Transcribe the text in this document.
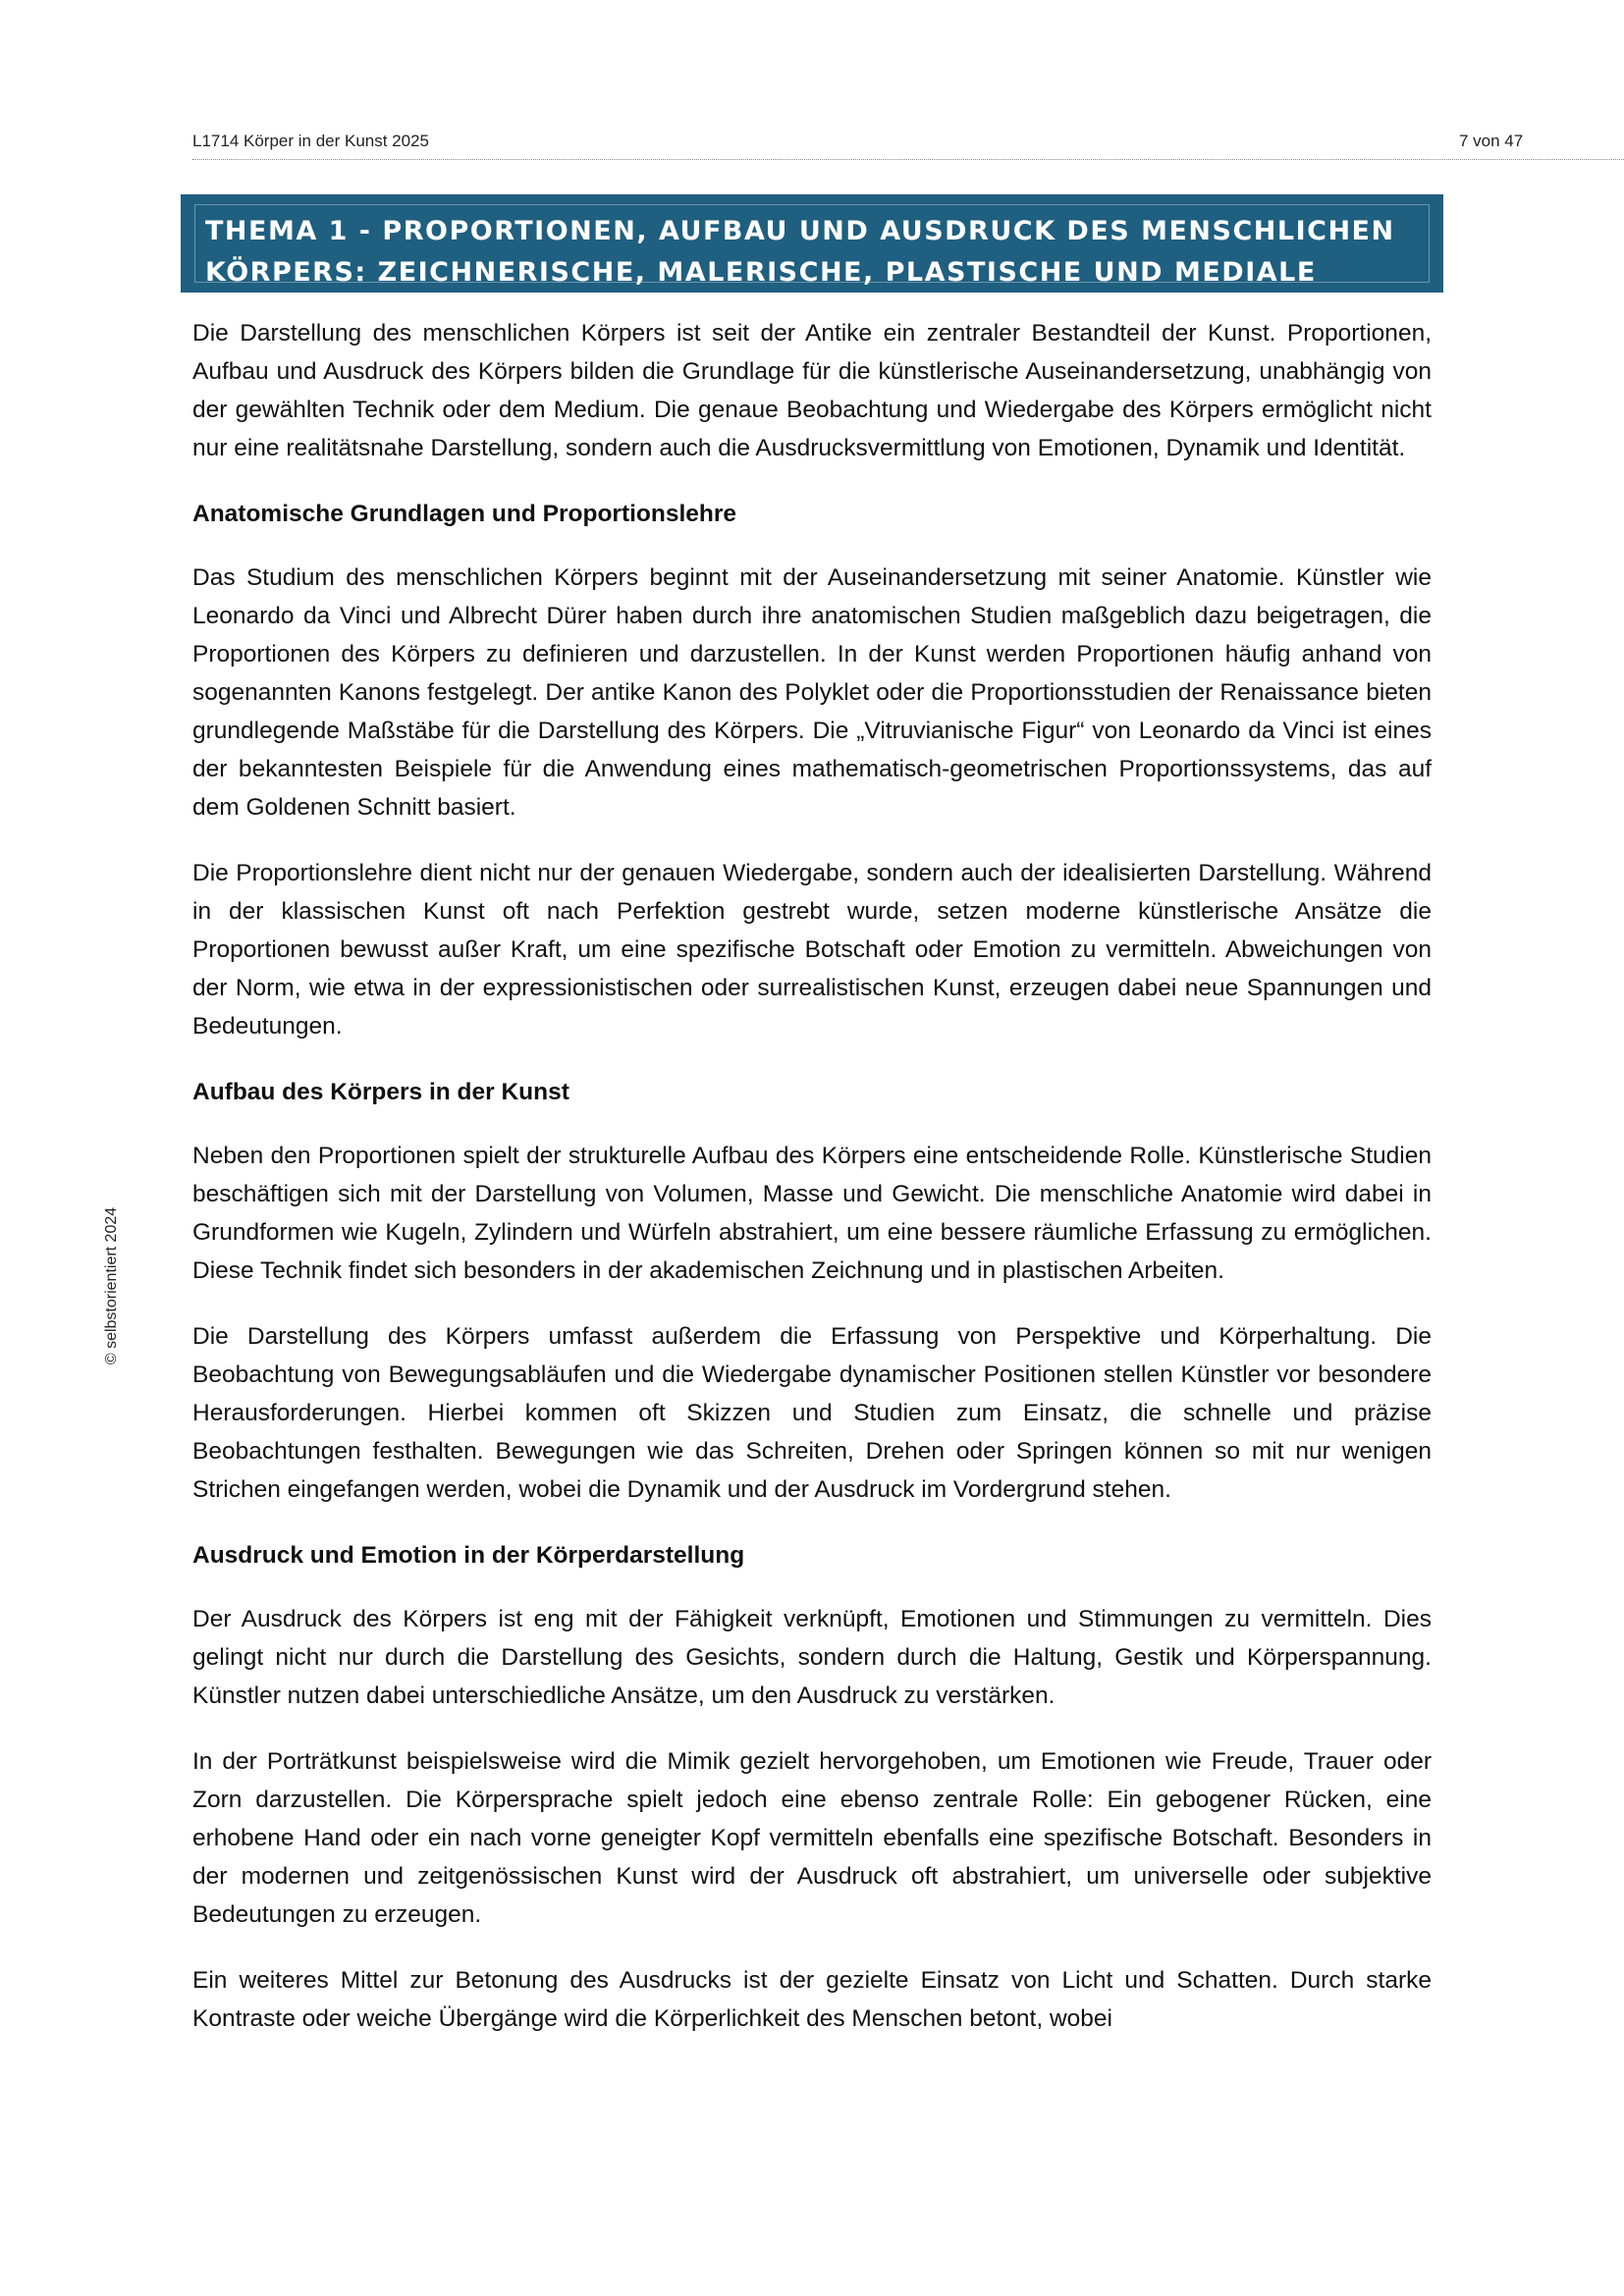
L1714 Körper in der Kunst 2025	7 von 47
© selbstorientiert 2024
THEMA 1 - PROPORTIONEN, AUFBAU UND AUSDRUCK DES MENSCHLICHEN
KÖRPERS: ZEICHNERISCHE, MALERISCHE, PLASTISCHE UND MEDIALE STUDIEN

Die Darstellung des menschlichen Körpers ist seit der Antike ein zentraler Bestandteil der Kunst. Proportionen, Aufbau und Ausdruck des Körpers bilden die Grundlage für die künstlerische Auseinandersetzung, unabhängig von der gewählten Technik oder dem Medium. Die genaue Beobachtung und Wiedergabe des Körpers ermöglicht nicht nur eine realitätsnahe Darstellung, sondern auch die Ausdrucksvermittlung von Emotionen, Dynamik und Identität.

Anatomische Grundlagen und Proportionslehre

Das Studium des menschlichen Körpers beginnt mit der Auseinandersetzung mit seiner Anatomie. Künstler wie Leonardo da Vinci und Albrecht Dürer haben durch ihre anatomischen Studien maßgeblich dazu beigetragen, die Proportionen des Körpers zu definieren und darzustellen. In der Kunst werden Proportionen häufig anhand von sogenannten Kanons festgelegt. Der antike Kanon des Polyklet oder die Proportionsstudien der Renaissance bieten grundlegende Maßstäbe für die Darstellung des Körpers. Die „Vitruvianische Figur“ von Leonardo da Vinci ist eines der bekanntesten Beispiele für die Anwendung eines mathematisch-geometrischen Proportionssystems, das auf dem Goldenen Schnitt basiert.

Die Proportionslehre dient nicht nur der genauen Wiedergabe, sondern auch der idealisierten Darstellung. Während in der klassischen Kunst oft nach Perfektion gestrebt wurde, setzen moderne künstlerische Ansätze die Proportionen bewusst außer Kraft, um eine spezifische Botschaft oder Emotion zu vermitteln. Abweichungen von der Norm, wie etwa in der expressionistischen oder surrealistischen Kunst, erzeugen dabei neue Spannungen und Bedeutungen.

Aufbau des Körpers in der Kunst

Neben den Proportionen spielt der strukturelle Aufbau des Körpers eine entscheidende Rolle. Künstlerische Studien beschäftigen sich mit der Darstellung von Volumen, Masse und Gewicht. Die menschliche Anatomie wird dabei in Grundformen wie Kugeln, Zylindern und Würfeln abstrahiert, um eine bessere räumliche Erfassung zu ermöglichen. Diese Technik findet sich besonders in der akademischen Zeichnung und in plastischen Arbeiten.

Die Darstellung des Körpers umfasst außerdem die Erfassung von Perspektive und Körperhaltung. Die Beobachtung von Bewegungsabläufen und die Wiedergabe dynamischer Positionen stellen Künstler vor besondere Herausforderungen. Hierbei kommen oft Skizzen und Studien zum Einsatz, die schnelle und präzise Beobachtungen festhalten. Bewegungen wie das Schreiten, Drehen oder Springen können so mit nur wenigen Strichen eingefangen werden, wobei die Dynamik und der Ausdruck im Vordergrund stehen.

Ausdruck und Emotion in der Körperdarstellung

Der Ausdruck des Körpers ist eng mit der Fähigkeit verknüpft, Emotionen und Stimmungen zu vermitteln. Dies gelingt nicht nur durch die Darstellung des Gesichts, sondern durch die Haltung, Gestik und Körperspannung. Künstler nutzen dabei unterschiedliche Ansätze, um den Ausdruck zu verstärken.

In der Porträtkunst beispielsweise wird die Mimik gezielt hervorgehoben, um Emotionen wie Freude, Trauer oder Zorn darzustellen. Die Körpersprache spielt jedoch eine ebenso zentrale Rolle: Ein gebogener Rücken, eine erhobene Hand oder ein nach vorne geneigter Kopf vermitteln ebenfalls eine spezifische Botschaft. Besonders in der modernen und zeitgenössischen Kunst wird der Ausdruck oft abstrahiert, um universelle oder subjektive Bedeutungen zu erzeugen.

Ein weiteres Mittel zur Betonung des Ausdrucks ist der gezielte Einsatz von Licht und Schatten. Durch starke Kontraste oder weiche Übergänge wird die Körperlichkeit des Menschen betont, wobei
